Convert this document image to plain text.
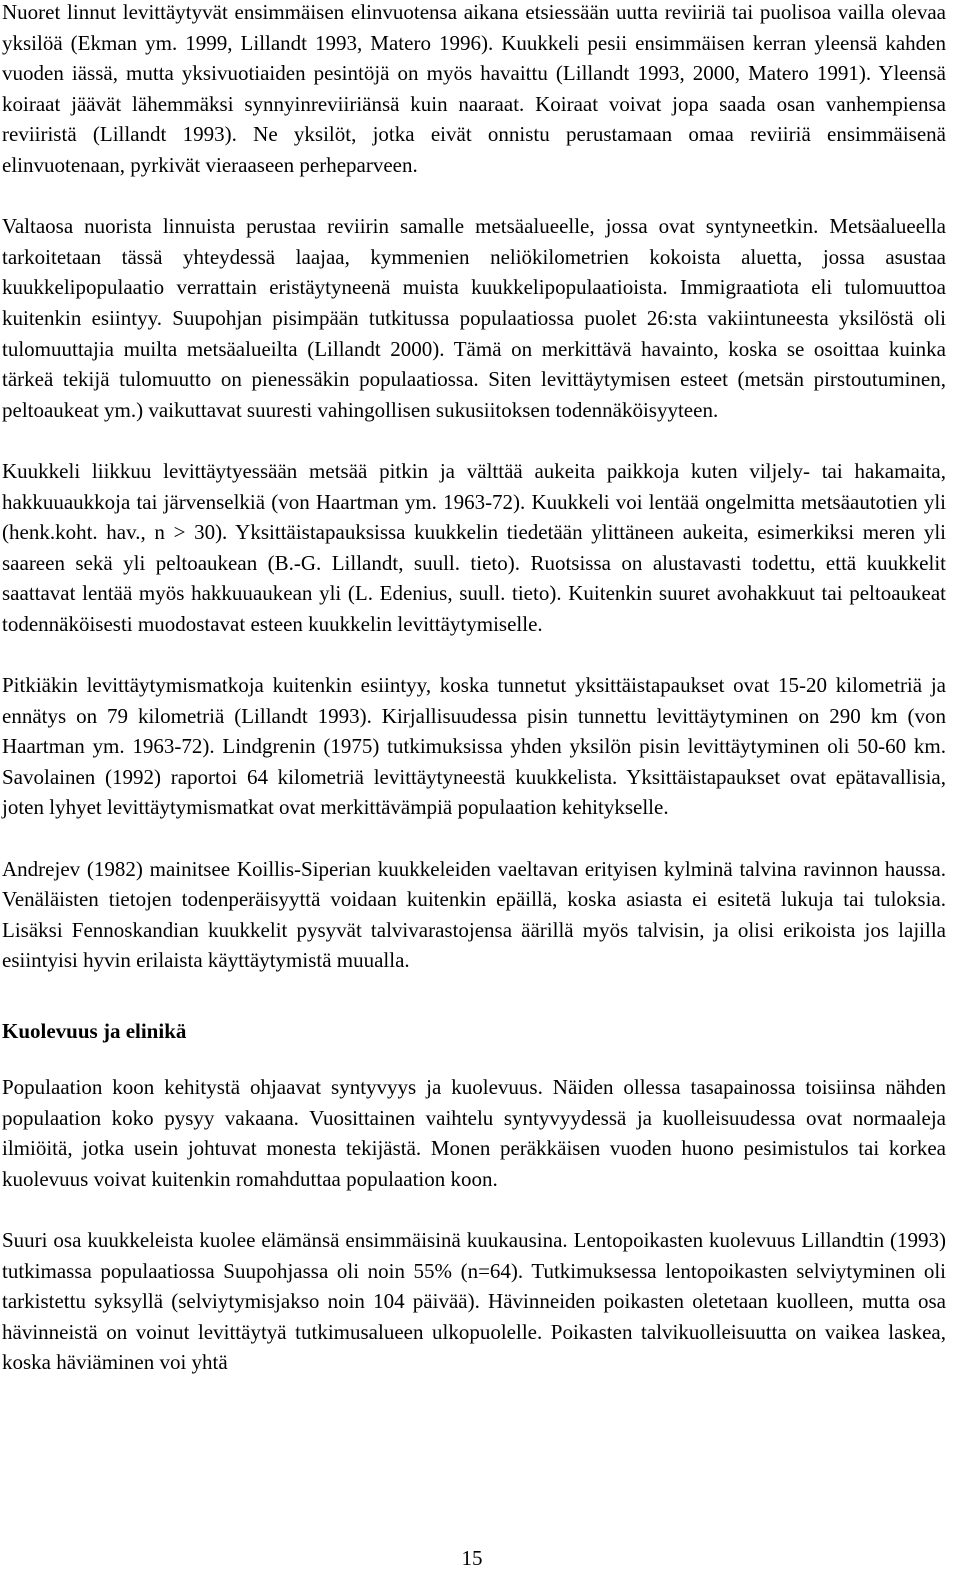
Nuoret linnut levittäytyvät ensimmäisen elinvuotensa aikana etsiessään uutta reviiriä tai puolisoa vailla olevaa yksilöä (Ekman ym. 1999, Lillandt 1993, Matero 1996). Kuukkeli pesii ensimmäisen kerran yleensä kahden vuoden iässä, mutta yksivuotiaiden pesintöjä on myös havaittu (Lillandt 1993, 2000, Matero 1991). Yleensä koiraat jäävät lähemmäksi synnyinreviiriänsä kuin naaraat. Koiraat voivat jopa saada osan vanhempiensa reviiristä (Lillandt 1993). Ne yksilöt, jotka eivät onnistu perustamaan omaa reviiriä ensimmäisenä elinvuotenaan, pyrkivät vieraaseen perheparveen.

Valtaosa nuorista linnuista perustaa reviirin samalle metsäalueelle, jossa ovat syntyneetkin. Metsäalueella tarkoitetaan tässä yhteydessä laajaa, kymmenien neliökilometrien kokoista aluetta, jossa asustaa kuukkelipopulaatio verrattain eristäytyneenä muista kuukkelipopulaatioista. Immigraatiota eli tulomuuttoa kuitenkin esiintyy. Suupohjan pisimpään tutkitussa populaatiossa puolet 26:sta vakiintuneesta yksilöstä oli tulomuuttajia muilta metsäalueilta (Lillandt 2000). Tämä on merkittävä havainto, koska se osoittaa kuinka tärkeä tekijä tulomuutto on pienessäkin populaatiossa. Siten levittäytymisen esteet (metsän pirstoutuminen, peltoaukeat ym.) vaikuttavat suuresti vahingollisen sukusiitoksen todennäköisyyteen.

Kuukkeli liikkuu levittäytyessään metsää pitkin ja välttää aukeita paikkoja kuten viljely- tai hakamaita, hakkuuaukkoja tai järvenselkiä (von Haartman ym. 1963-72). Kuukkeli voi lentää ongelmitta metsäautotien yli (henk.koht. hav., n > 30). Yksittäistapauksissa kuukkelin tiedetään ylittäneen aukeita, esimerkiksi meren yli saareen sekä yli peltoaukean (B.-G. Lillandt, suull. tieto). Ruotsissa on alustavasti todettu, että kuukkelit saattavat lentää myös hakkuuaukean yli (L. Edenius, suull. tieto). Kuitenkin suuret avohakkuut tai peltoaukeat todennäköisesti muodostavat esteen kuukkelin levittäytymiselle.

Pitkiäkin levittäytymismatkoja kuitenkin esiintyy, koska tunnetut yksittäistapaukset ovat 15-20 kilometriä ja ennätys on 79 kilometriä (Lillandt 1993). Kirjallisuudessa pisin tunnettu levittäytyminen on 290 km (von Haartman ym. 1963-72). Lindgrenin (1975) tutkimuksissa yhden yksilön pisin levittäytyminen oli 50-60 km. Savolainen (1992) raportoi 64 kilometriä levittäytyneestä kuukkelista. Yksittäistapaukset ovat epätavallisia, joten lyhyet levittäytymismatkat ovat merkittävämpiä populaation kehitykselle.

Andrejev (1982) mainitsee Koillis-Siperian kuukkeleiden vaeltavan erityisen kylminä talvina ravinnon haussa. Venäläisten tietojen todenperäisyyttä voidaan kuitenkin epäillä, koska asiasta ei esitetä lukuja tai tuloksia. Lisäksi Fennoskandian kuukkelit pysyvät talvivarastojensa äärillä myös talvisin, ja olisi erikoista jos lajilla esiintyisi hyvin erilaista käyttäytymistä muualla.

Kuolevuus ja elinikä

Populaation koon kehitystä ohjaavat syntyvyys ja kuolevuus. Näiden ollessa tasapainossa toisiinsa nähden populaation koko pysyy vakaana. Vuosittainen vaihtelu syntyvyydessä ja kuolleisuudessa ovat normaaleja ilmiöitä, jotka usein johtuvat monesta tekijästä. Monen peräkkäisen vuoden huono pesimistulos tai korkea kuolevuus voivat kuitenkin romahduttaa populaation koon.

Suuri osa kuukkeleista kuolee elämänsä ensimmäisinä kuukausina. Lentopoikasten kuolevuus Lillandtin (1993) tutkimassa populaatiossa Suupohjassa oli noin 55% (n=64). Tutkimuksessa lentopoikasten selviytyminen oli tarkistettu syksyllä (selviytymisjakso noin 104 päivää). Hävinneiden poikasten oletetaan kuolleen, mutta osa hävinneistä on voinut levittäytyä tutkimusalueen ulkopuolelle. Poikasten talvikuolleisuutta on vaikea laskea, koska häviäminen voi yhtä

15
